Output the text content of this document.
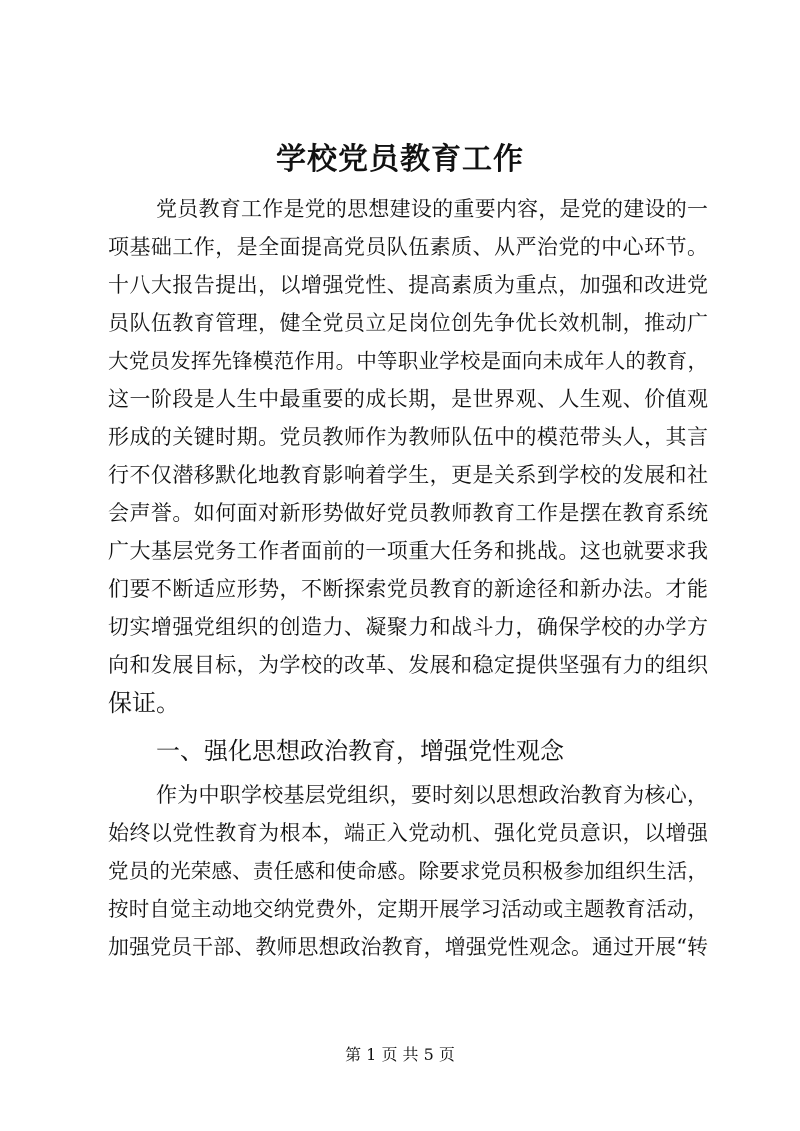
学校党员教育工作
党员教育工作是党的思想建设的重要内容，是党的建设的一
项基础工作，是全面提高党员队伍素质、从严治党的中心环节。
十八大报告提出，以增强党性、提高素质为重点，加强和改进党
员队伍教育管理，健全党员立足岗位创先争优长效机制，推动广
大党员发挥先锋模范作用。中等职业学校是面向未成年人的教育，
这一阶段是人生中最重要的成长期，是世界观、人生观、价值观
形成的关键时期。党员教师作为教师队伍中的模范带头人，其言
行不仅潜移默化地教育影响着学生，更是关系到学校的发展和社
会声誉。如何面对新形势做好党员教师教育工作是摆在教育系统
广大基层党务工作者面前的一项重大任务和挑战。这也就要求我
们要不断适应形势，不断探索党员教育的新途径和新办法。才能
切实增强党组织的创造力、凝聚力和战斗力，确保学校的办学方
向和发展目标，为学校的改革、发展和稳定提供坚强有力的组织
保证。
一、强化思想政治教育，增强党性观念
作为中职学校基层党组织，要时刻以思想政治教育为核心，
始终以党性教育为根本，端正入党动机、强化党员意识，以增强
党员的光荣感、责任感和使命感。除要求党员积极参加组织生活，
按时自觉主动地交纳党费外，定期开展学习活动或主题教育活动，
加强党员干部、教师思想政治教育，增强党性观念。通过开展“转
第 1 页 共 5 页
